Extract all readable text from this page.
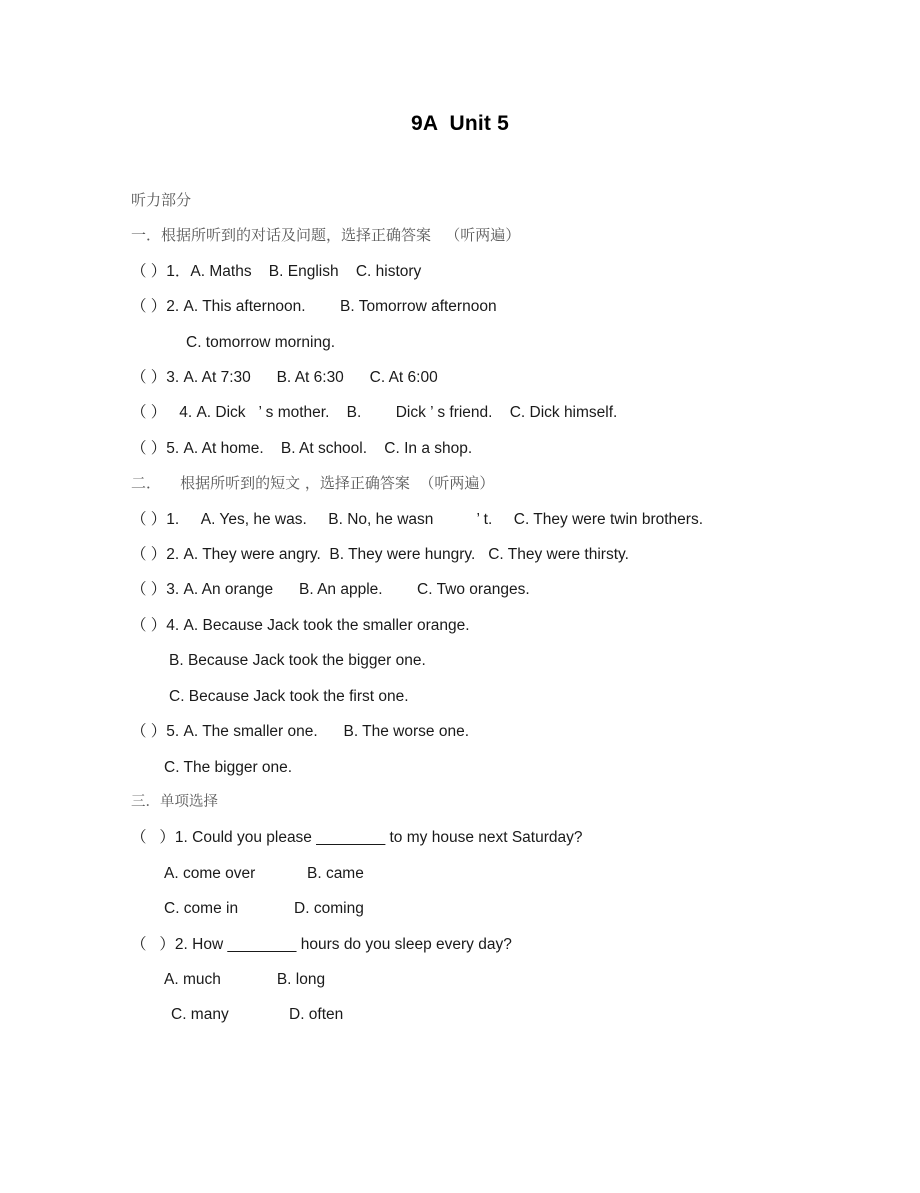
9A  Unit 5
听力部分
一．根据所听到的对话及问题，选择正确答案   （听两遍）
（ ）1．A. Maths    B. English    C. history
（ ）2. A. This afternoon.        B. Tomorrow afternoon
C. tomorrow morning.
（ ）3. A. At 7:30      B. At 6:30      C. At 6:00
（ ）   4. A. Dick   ’ s mother.    B.        Dick ’ s friend.    C. Dick himself.
（ ）5. A. At home.    B. At school.    C. In a shop.
二．    根据所听到的短文 ，选择正确答案  （听两遍）
（ ）1.     A. Yes, he was.     B. No, he wasn          ’ t.     C. They were twin brothers.
（ ）2. A. They were angry.  B. They were hungry.   C. They were thirsty.
（ ）3. A. An orange      B. An apple.        C. Two oranges.
（ ）4. A. Because Jack took the smaller orange.
B. Because Jack took the bigger one.
C. Because Jack took the first one.
（ ）5. A. The smaller one.      B. The worse one.
C. The bigger one.
三．单项选择
（   ）1. Could you please ________ to my house next Saturday?
A. come over            B. came
C. come in             D. coming
（   ）2. How ________ hours do you sleep every day?
A. much             B. long
C. many              D. often
